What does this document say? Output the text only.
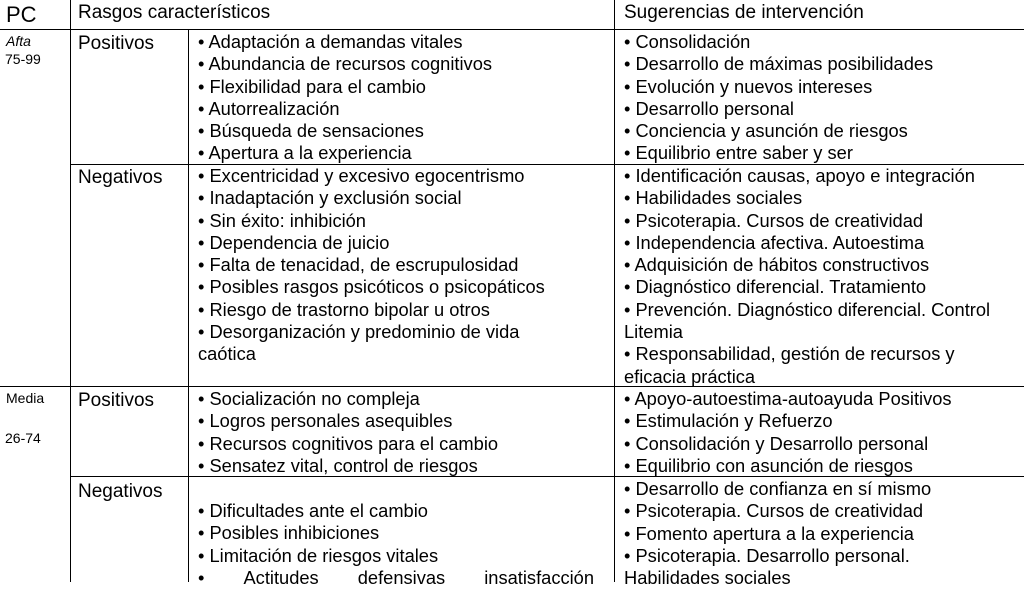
PC Rasgos característicos	Sugerencias de intervención
Afta
75-99
Positivos • Adaptación a demandas vitales
• Abundancia de recursos cognitivos
• Flexibilidad para el cambio
• Autorrealización
• Búsqueda de sensaciones
• Apertura a la experiencia
• Consolidación
• Desarrollo de máximas posibilidades
• Evolución y nuevos intereses
• Desarrollo personal
• Conciencia y asunción de riesgos
• Equilibrio entre saber y ser
Negativos • Excentricidad y excesivo egocentrismo
• Inadaptación y exclusión social
• Sin éxito: inhibición
• Dependencia de juicio
• Falta de tenacidad, de escrupulosidad
• Posibles rasgos psicóticos o psicopáticos
• Riesgo de trastorno bipolar u otros
• Desorganización y predominio de vida
caótica
• Identificación causas, apoyo e integración
• Habilidades sociales
• Psicoterapia. Cursos de creatividad
• Independencia afectiva. Autoestima
• Adquisición de hábitos constructivos
• Diagnóstico diferencial. Tratamiento
• Prevención. Diagnóstico diferencial. Control
Litemia
• Responsabilidad, gestión de recursos y
eficacia práctica
Media
26-74
Positivos • Socialización no compleja
• Logros personales asequibles
• Recursos cognitivos para el cambio
• Sensatez vital, control de riesgos
• Apoyo-autoestima-autoayuda Positivos
• Estimulación y Refuerzo
• Consolidación y Desarrollo personal
• Equilibrio con asunción de riesgos
Negativos
• Dificultades ante el cambio
• Posibles inhibiciones
• Limitación de riesgos vitales
• Actitudes defensivas insatisfacción
• Desarrollo de confianza en sí mismo
• Psicoterapia. Cursos de creatividad
• Fomento apertura a la experiencia
• Psicoterapia. Desarrollo personal.
Habilidades sociales
